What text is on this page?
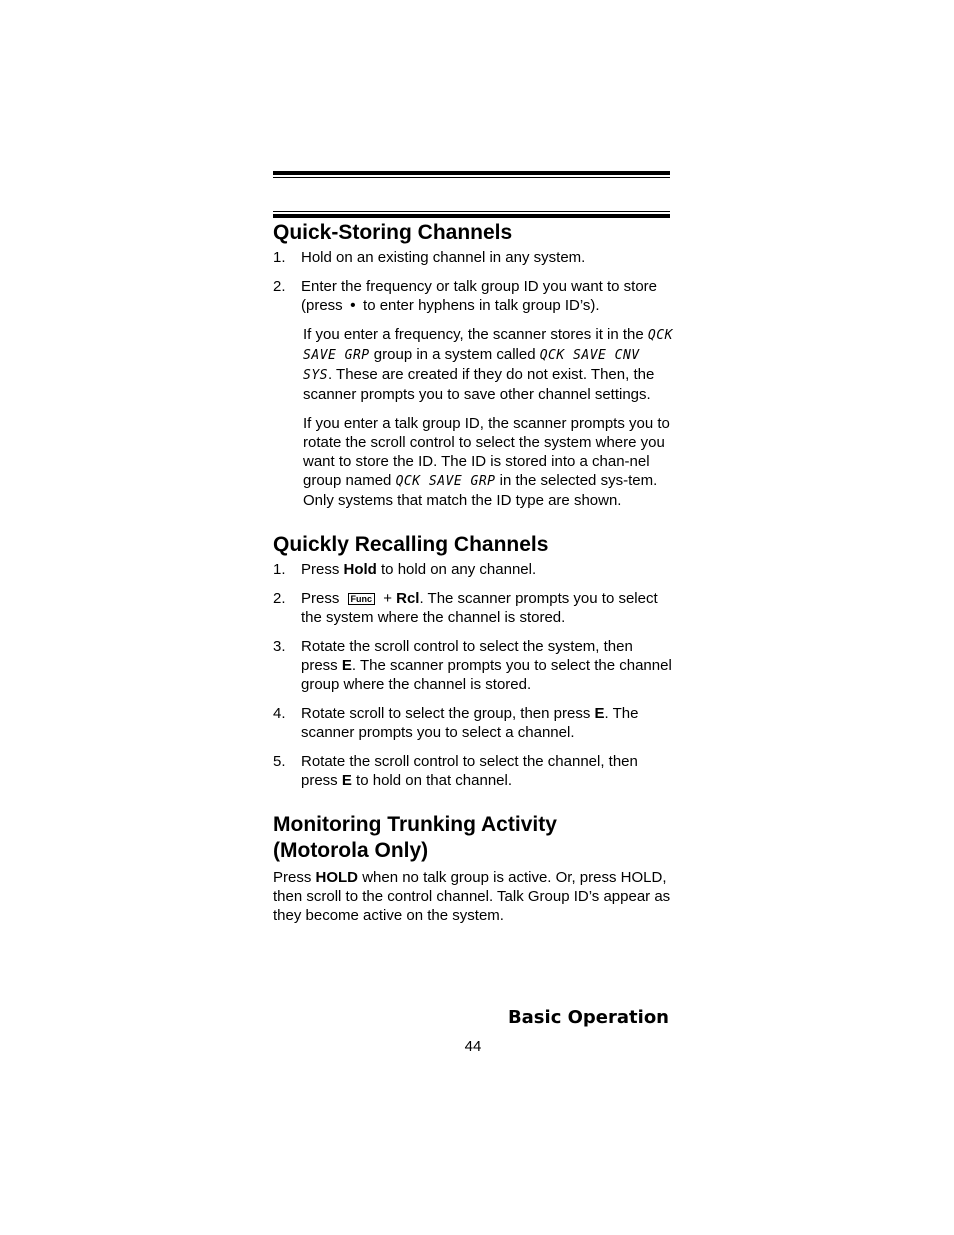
Quick-Storing Channels
1. Hold on an existing channel in any system.
2. Enter the frequency or talk group ID you want to store (press • to enter hyphens in talk group ID’s).

If you enter a frequency, the scanner stores it in the QCK SAVE GRP group in a system called QCK SAVE CNV SYS. These are created if they do not exist. Then, the scanner prompts you to save other channel settings.

If you enter a talk group ID, the scanner prompts you to rotate the scroll control to select the system where you want to store the ID. The ID is stored into a chan-nel group named QCK SAVE GRP in the selected sys-tem. Only systems that match the ID type are shown.

Quickly Recalling Channels
1. Press Hold to hold on any channel.
2. Press Func + Rcl. The scanner prompts you to select the system where the channel is stored.
3. Rotate the scroll control to select the system, then press E. The scanner prompts you to select the channel group where the channel is stored.
4. Rotate scroll to select the group, then press E. The scanner prompts you to select a channel.
5. Rotate the scroll control to select the channel, then press E to hold on that channel.
Monitoring Trunking Activity
(Motorola Only)

Press HOLD when no talk group is active. Or, press HOLD, then scroll to the control channel. Talk Group ID’s appear as they become active on the system.

Basic Operation
44
